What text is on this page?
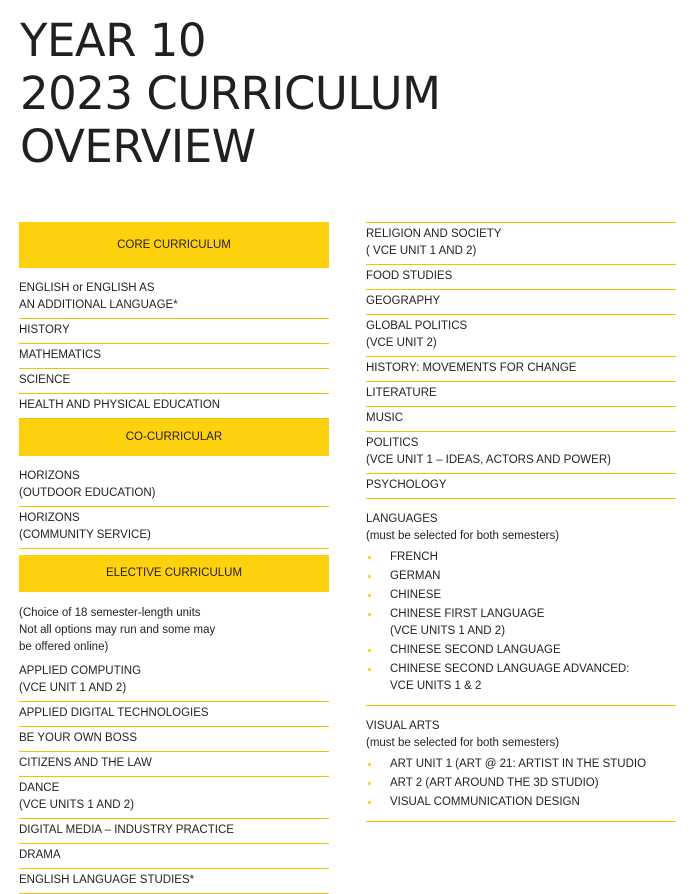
YEAR 10
2023 CURRICULUM
OVERVIEW
CORE CURRICULUM
ENGLISH or ENGLISH AS
AN ADDITIONAL LANGUAGE*
HISTORY
MATHEMATICS
SCIENCE
HEALTH AND PHYSICAL EDUCATION
CO-CURRICULAR
HORIZONS
(OUTDOOR EDUCATION)
HORIZONS
(COMMUNITY SERVICE)
ELECTIVE CURRICULUM
(Choice of 18 semester-length units
Not all options may run and some may
be offered online)
APPLIED COMPUTING
(VCE UNIT 1 AND 2)
APPLIED DIGITAL TECHNOLOGIES
BE YOUR OWN BOSS
CITIZENS AND THE LAW
DANCE
(VCE UNITS 1 AND 2)
DIGITAL MEDIA – INDUSTRY PRACTICE
DRAMA
ENGLISH LANGUAGE STUDIES*
RELIGION AND SOCIETY
( VCE UNIT 1 AND 2)
FOOD STUDIES
GEOGRAPHY
GLOBAL POLITICS
(VCE UNIT 2)
HISTORY: MOVEMENTS FOR CHANGE
LITERATURE
MUSIC
POLITICS
(VCE UNIT 1 – IDEAS, ACTORS AND POWER)
PSYCHOLOGY
LANGUAGES
(must be selected for both semesters)
FRENCH
GERMAN
CHINESE
CHINESE FIRST LANGUAGE
(VCE UNITS 1 AND 2)
CHINESE SECOND LANGUAGE
CHINESE SECOND LANGUAGE ADVANCED:
VCE UNITS 1 & 2
VISUAL ARTS
(must be selected for both semesters)
ART UNIT 1 (ART @ 21: ARTIST IN THE STUDIO
ART 2 (ART AROUND THE 3D STUDIO)
VISUAL COMMUNICATION DESIGN
